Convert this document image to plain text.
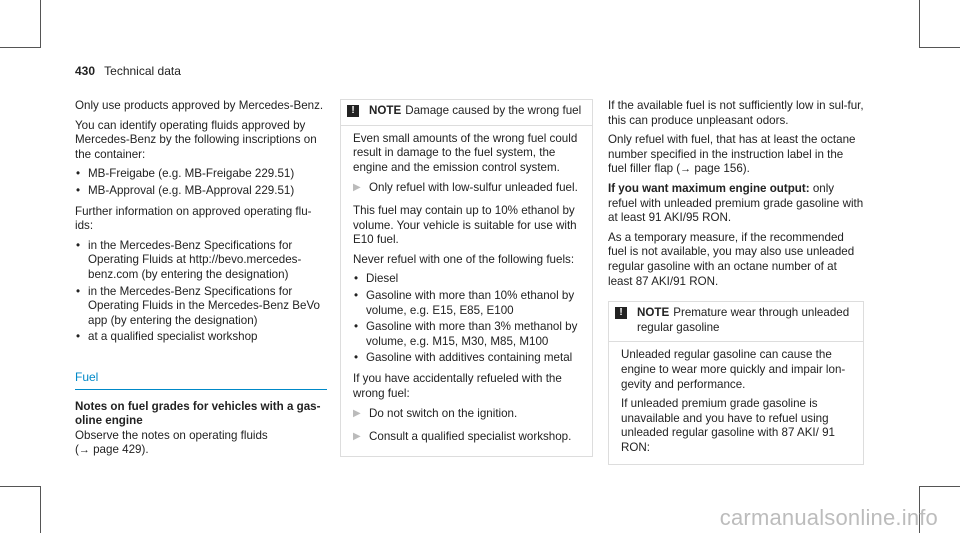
430 Technical data

Only use products approved by Mercedes-Benz.

You can identify operating fluids approved by Mercedes-Benz by the following inscriptions on the container:

• MB-Freigabe (e.g. MB-Freigabe 229.51)
• MB-Approval (e.g. MB-Approval 229.51)

Further information on approved operating flu-ids:

• in the Mercedes-Benz Specifications for Operating Fluids at http://bevo.mercedes-benz.com (by entering the designation)
• in the Mercedes-Benz Specifications for Operating Fluids in the Mercedes-Benz BeVo app (by entering the designation)
• at a qualified specialist workshop
Fuel

Notes on fuel grades for vehicles with a gas-oline engine

Observe the notes on operating fluids
(→ page 429).

!	NOTE Damage caused by the wrong fuel

Even small amounts of the wrong fuel could result in damage to the fuel system, the engine and the emission control system.

▶ Only refuel with low-sulfur unleaded fuel.

This fuel may contain up to 10% ethanol by volume. Your vehicle is suitable for use with E10 fuel.

Never refuel with one of the following fuels:

• Diesel
• Gasoline with more than 10% ethanol by volume, e.g. E15, E85, E100
• Gasoline with more than 3% methanol by volume, e.g. M15, M30, M85, M100
• Gasoline with additives containing metal

If you have accidentally refueled with the wrong fuel:

▶ Do not switch on the ignition.
▶ Consult a qualified specialist workshop.

If the available fuel is not sufficiently low in sul-fur, this can produce unpleasant odors.

Only refuel with fuel, that has at least the octane number specified in the instruction label in the fuel filler flap (→ page 156).

If you want maximum engine output: only refuel with unleaded premium grade gasoline with at least 91 AKI/95 RON.

As a temporary measure, if the recommended fuel is not available, you may also use unleaded regular gasoline with an octane number of at least 87 AKI/91 RON.

!	NOTE Premature wear through unleaded regular gasoline

Unleaded regular gasoline can cause the engine to wear more quickly and impair lon-gevity and performance.

If unleaded premium grade gasoline is unavailable and you have to refuel using unleaded regular gasoline with 87 AKI/ 91 RON:

carmanualsonline.info
